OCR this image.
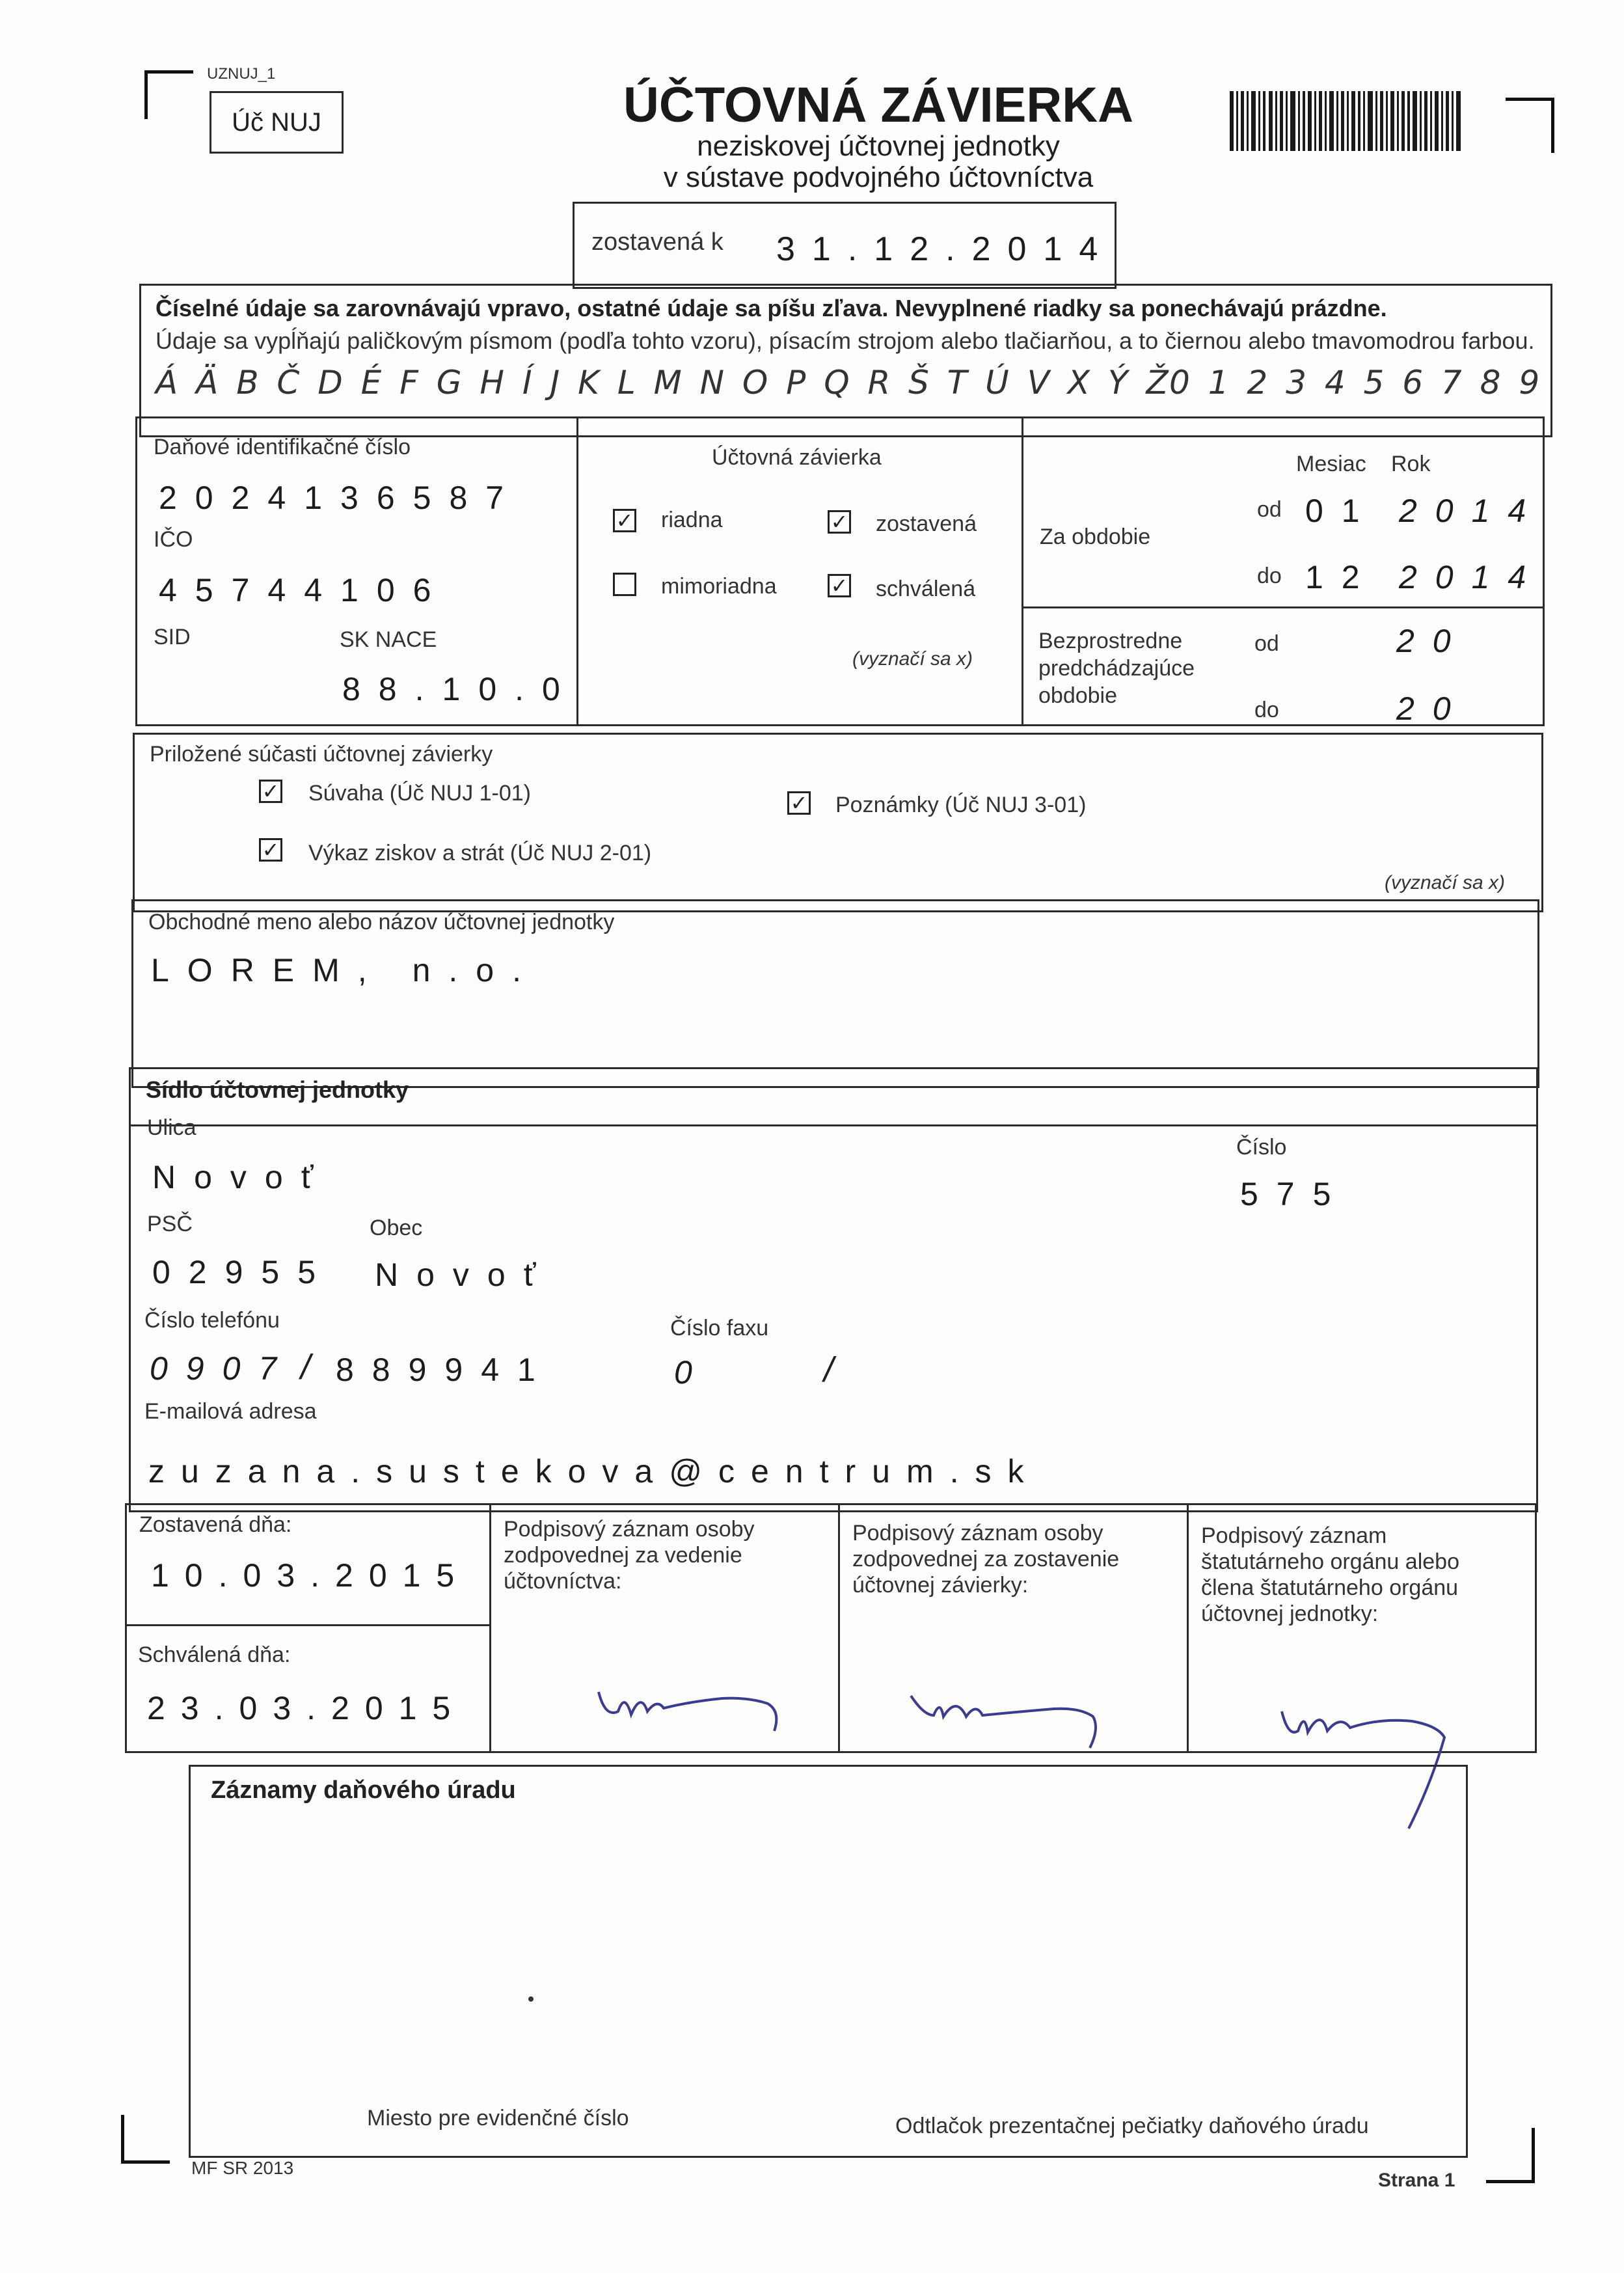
UZNUJ_1
Úč NUJ	ÚČTOVNÁ ZÁVIERKA
neziskovej účtovnej jednotky
v sústave podvojného účtovníctva
zostavená k 31.12.2014
Číselné údaje sa zarovnávajú vpravo, ostatné údaje sa píšu zľava. Nevyplnené riadky sa ponechávajú prázdne.
Údaje sa vypĺňajú paličkovým písmom (podľa tohto vzoru), písacím strojom alebo tlačiarňou, a to čiernou alebo tmavomodrou farbou.
Á Ä B Č D É F G H Í J K L M N O P Q R Š T Ú V X Ý Ž
0 1 2 3 4 5 6 7 8 9
Daňové identifikačné číslo
2024136587
IČO
45744106
SID	SK NACE
88.10.0
Účtovná závierka
✓ riadna
mimoriadna
✓ zostavená
✓ schválená
(vyznačí sa x)
Mesiac Rok
Za obdobie
od 01 2014
do 12 2014
Bezprostredne
predchádzajúce
obdobie
od	20
do	20
Priložené súčasti účtovnej závierky
✓ Súvaha (Úč NUJ 1-01)
✓ Výkaz ziskov a strát (Úč NUJ 2-01)
✓ Poznámky (Úč NUJ 3-01)
(vyznačí sa x)
Obchodné meno alebo názov účtovnej jednotky
LOREM, n.o.
Sídlo účtovnej jednotky
Ulica
Novoť
Číslo
575
PSČ
02955
Obec
Novoť
Číslo telefónu
0907 / 889941
Číslo faxu
0	/
E-mailová adresa
zuzana.sustekova@centrum.sk
Zostavená dňa:
10.03.2015
Schválená dňa:
23.03.2015
Podpisový záznam osoby zodpovednej za vedenie účtovníctva:
Podpisový záznam osoby zodpovednej za zostavenie účtovnej závierky:
Podpisový záznam štatutárneho orgánu alebo člena štatutárneho orgánu účtovnej jednotky:
Záznamy daňového úradu
Miesto pre evidenčné číslo	Odtlačok prezentačnej pečiatky daňového úradu
MF SR 2013
Strana 1
